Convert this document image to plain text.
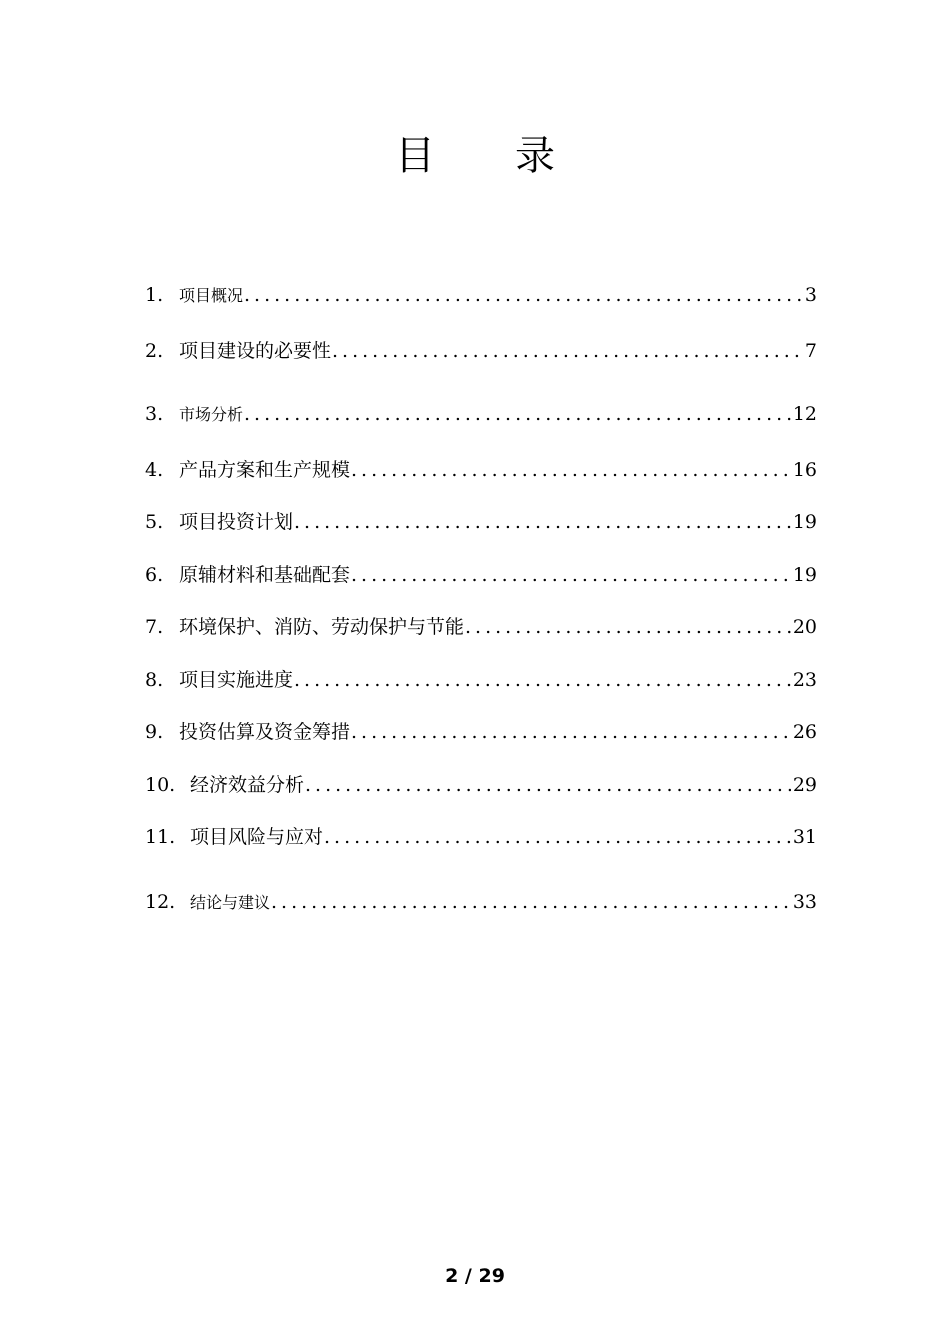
目 录
1. 项目概况 .....	3
2. 项目建设的必要性 .....	7
3. 市场分析 .....	12
4. 产品方案和生产规模 .....	16
5. 项目投资计划 .....	19
6. 原辅材料和基础配套 .....	19
7. 环境保护、消防、劳动保护与节能 .....	20
8. 项目实施进度 .....	23
9. 投资估算及资金筹措 .....	26
10. 经济效益分析 .....	29
11. 项目风险与应对 .....	31
12. 结论与建议 .....	33
2 / 29
